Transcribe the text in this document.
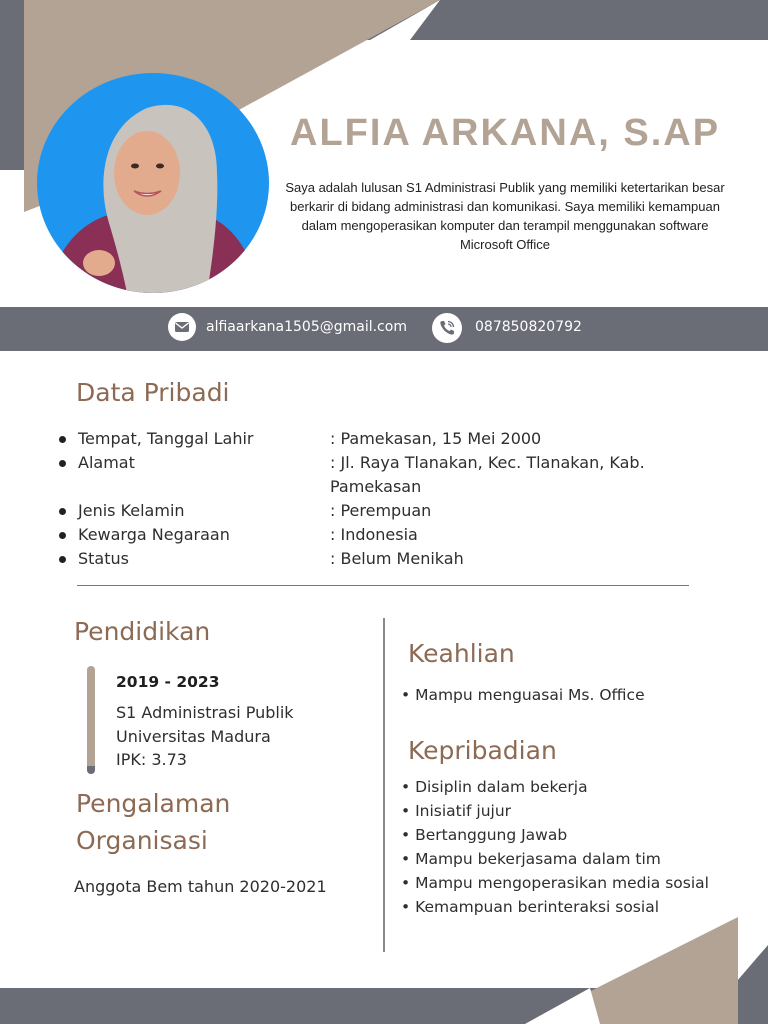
ALFIA ARKANA, S.AP
Saya adalah lulusan S1 Administrasi Publik yang memiliki ketertarikan besar berkarir di bidang administrasi dan komunikasi. Saya memiliki kemampuan dalam mengoperasikan komputer dan terampil menggunakan software Microsoft Office
alfiaarkana1505@gmail.com	087850820792
Data Pribadi
Tempat, Tanggal Lahir	: Pamekasan, 15 Mei 2000
Alamat	: Jl. Raya Tlanakan, Kec. Tlanakan, Kab.
Pamekasan
Jenis Kelamin	: Perempuan
Kewarga Negaraan	: Indonesia
Status	: Belum Menikah
Pendidikan
2019 - 2023
S1 Administrasi Publik
Universitas Madura
IPK: 3.73
Pengalaman
Organisasi
Anggota Bem tahun 2020-2021
Keahlian
• Mampu menguasai Ms. Office
Kepribadian
• Disiplin dalam bekerja
• Inisiatif jujur
• Bertanggung Jawab
• Mampu bekerjasama dalam tim
• Mampu mengoperasikan media sosial
• Kemampuan berinteraksi sosial
